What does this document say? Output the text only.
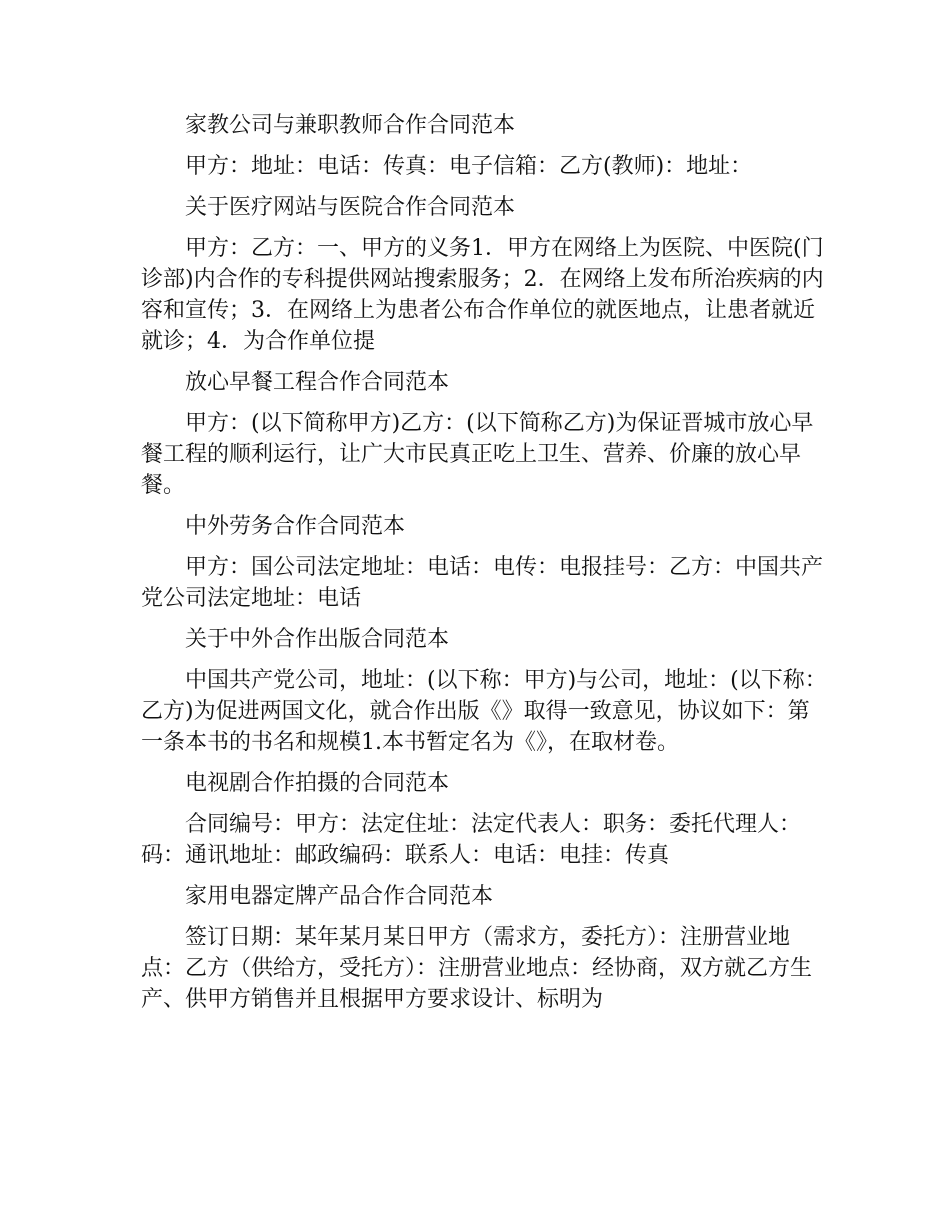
家教公司与兼职教师合作合同范本

甲方：地址：电话：传真：电子信箱：乙方(教师)：地址：

关于医疗网站与医院合作合同范本

甲方：乙方：一、甲方的义务1．甲方在网络上为医院、中医院(门诊部)内合作的专科提供网站搜索服务；2．在网络上发布所治疾病的内容和宣传；3．在网络上为患者公布合作单位的就医地点，让患者就近就诊；4．为合作单位提

放心早餐工程合作合同范本

甲方：(以下简称甲方)乙方：(以下简称乙方)为保证晋城市放心早餐工程的顺利运行，让广大市民真正吃上卫生、营养、价廉的放心早餐。

中外劳务合作合同范本

甲方：国公司法定地址：电话：电传：电报挂号：乙方：中国共产党公司法定地址：电话

关于中外合作出版合同范本

中国共产党公司，地址：(以下称：甲方)与公司，地址：(以下称：乙方)为促进两国文化，就合作出版《》取得一致意见，协议如下：第一条本书的书名和规模1.本书暂定名为《》，在取材卷。

电视剧合作拍摄的合同范本

合同编号：甲方：法定住址：法定代表人：职务：委托代理人：码：通讯地址：邮政编码：联系人：电话：电挂：传真

家用电器定牌产品合作合同范本

签订日期：某年某月某日甲方（需求方，委托方）：注册营业地点：乙方（供给方，受托方）：注册营业地点：经协商，双方就乙方生产、供甲方销售并且根据甲方要求设计、标明为
